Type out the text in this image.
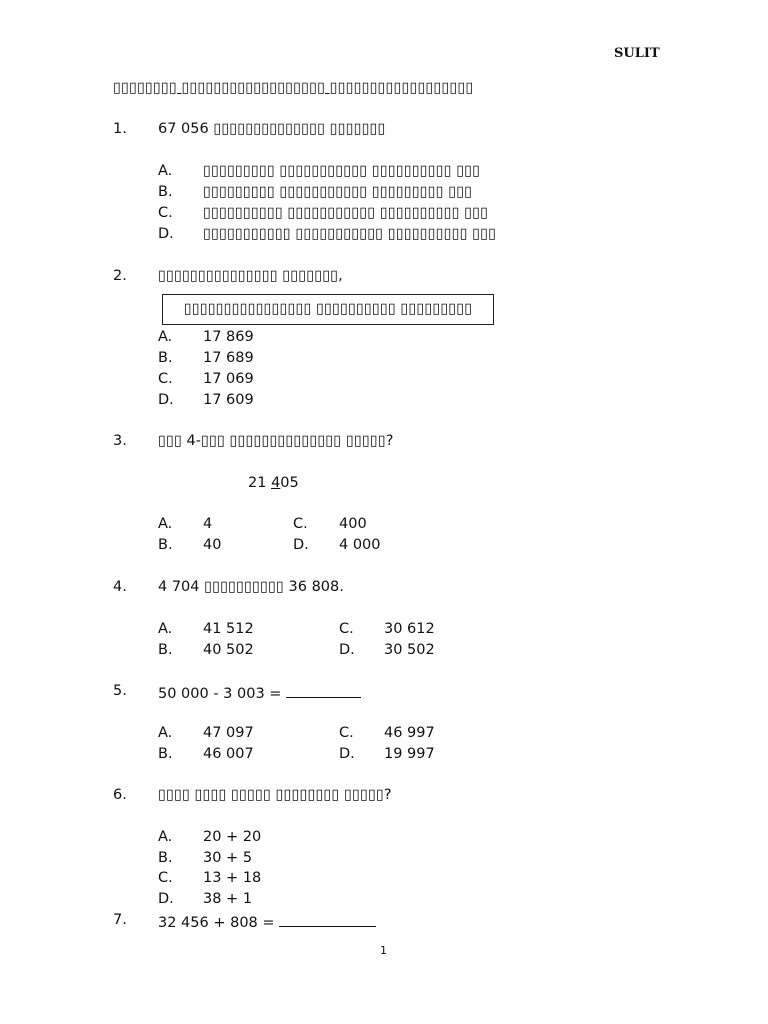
SULIT
▯▯▯▯▯▯▯▯ ▯▯▯▯▯▯▯▯▯▯▯▯▯▯▯▯▯▯ ▯▯▯▯▯▯▯▯▯▯▯▯▯▯▯▯▯▯
1. 67 056 ▯▯▯▯▯▯▯▯▯▯▯▯▯▯ ▯▯▯▯▯▯▯
A. ▯▯▯▯▯▯▯▯▯ ▯▯▯▯▯▯▯▯▯▯▯ ▯▯▯▯▯▯▯▯▯▯ ▯▯▯
B. ▯▯▯▯▯▯▯▯▯ ▯▯▯▯▯▯▯▯▯▯▯ ▯▯▯▯▯▯▯▯▯ ▯▯▯
C. ▯▯▯▯▯▯▯▯▯▯ ▯▯▯▯▯▯▯▯▯▯▯ ▯▯▯▯▯▯▯▯▯▯ ▯▯▯
D. ▯▯▯▯▯▯▯▯▯▯▯ ▯▯▯▯▯▯▯▯▯▯▯ ▯▯▯▯▯▯▯▯▯▯ ▯▯▯
2. ▯▯▯▯▯▯▯▯▯▯▯▯▯▯▯ ▯▯▯▯▯▯▯,
▯▯▯▯▯▯▯▯▯▯▯▯▯▯▯▯ ▯▯▯▯▯▯▯▯▯▯ ▯▯▯▯▯▯▯▯▯
A. 17 869
B. 17 689
C. 17 069
D. 17 609
3. ▯▯▯ 4-▯▯▯ ▯▯▯▯▯▯▯▯▯▯▯▯▯▯ ▯▯▯▯▯?
21 405
A. 4
B. 40
C. 400
D. 4 000
4. 4 704 ▯▯▯▯▯▯▯▯▯▯ 36 808.
A. 41 512
B. 40 502
C. 30 612
D. 30 502
5. 50 000 - 3 003 =
A. 47 097
B. 46 007
C. 46 997
D. 19 997
6. ▯▯▯▯ ▯▯▯▯ ▯▯▯▯▯ ▯▯▯▯▯▯▯▯ ▯▯▯▯▯?
A. 20 + 20
B. 30 + 5
C. 13 + 18
D. 38 + 1
7. 32 456 + 808 =
1
